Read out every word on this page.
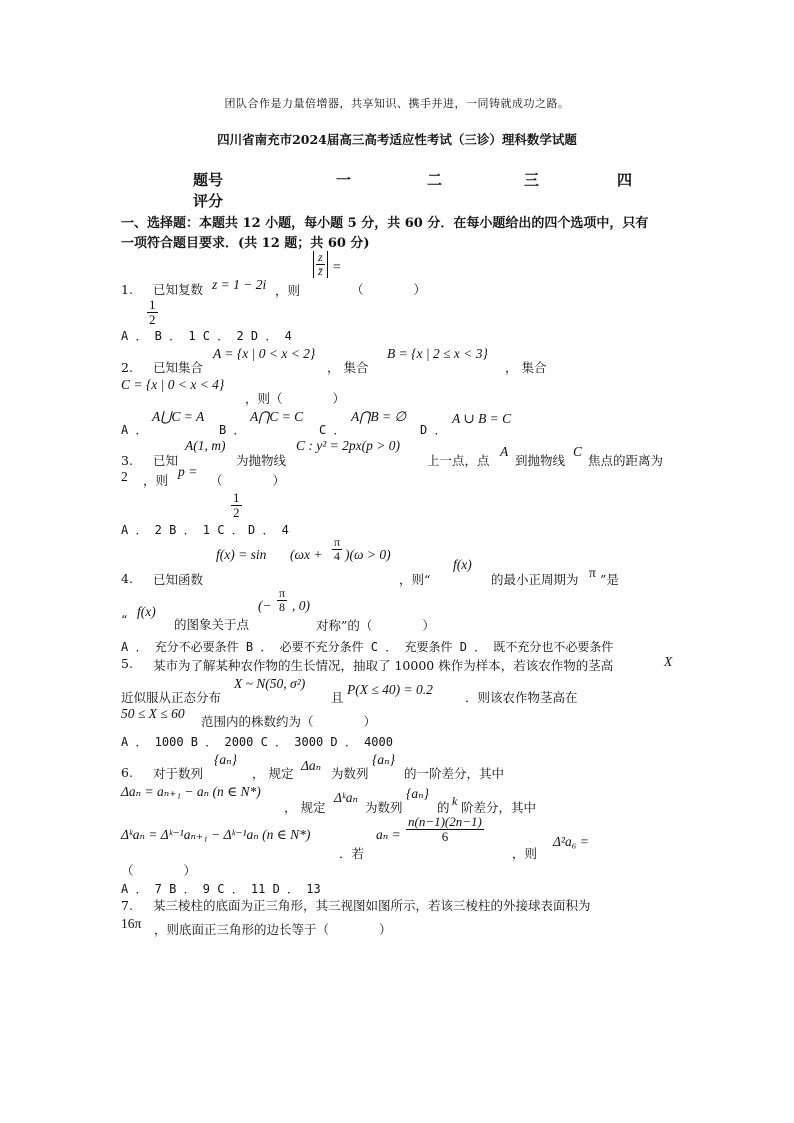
团队合作是力量倍增器，共享知识、携手并进，一同铸就成功之路。
四川省南充市2024届高三高考适应性考试（三诊）理科数学试题
题号	一	二	三	四
评分
一、选择题：本题共 12 小题，每小题 5 分，共 60 分．在每小题给出的四个选项中，只有
一项符合题目要求．(共 12 题；共 60 分)
1. 已知复数 z = 1 − 2i ，则
$\frac{z}{z̄}$ =
（　　　　）
$\frac{1}{2}$
A ． B ． 1 C ． 2 D ． 4
2. 已知集合
A = {x | 0 < x < 2}
， 集合
B = {x | 2 ≤ x < 3}
， 集合
C = {x | 0 < x < 4}
，则（　　　　）
A ．
A⋃C = A
B ．
A⋂C = C
C ．
A⋂B = ∅
D ．
A ∪ B = C
3. 已知
A(1, m)
为抛物线
C : y² = 2px(p > 0)
上一点，点
A
到抛物线
C
焦点的距离为
2 ，则
p =
（　　　　）
A ． 2 B ． 1 C ．
$\frac{1}{2}$
D ． 4
4. 已知函数
$f(x) = \sin (\omega x + \frac{\pi}{4} )(\omega > 0)$
，则“
f(x)
的最小正周期为 π ”是
“
f(x)
的图象关于点
(− $\frac{\pi}{8}$ , 0)
对称”的（　　　　）
A ． 充分不必要条件 B ． 必要不充分条件 C ． 充要条件 D ． 既不充分也不必要条件
5. 某市为了解某种农作物的生长情况，抽取了 10000 株作为样本，若该农作物的茎高	X
近似服从正态分布
X ~ N(50, σ²)
且
P(X ≤ 40) = 0.2
．则该农作物茎高在
50 ≤ X ≤ 60
范围内的株数约为（　　　　）
A ． 1000 B ． 2000 C ． 3000 D ． 4000
6. 对于数列
{aₙ}
， 规定
Δaₙ
为数列
{aₙ}
的一阶差分，其中
Δaₙ = aₙ₊₁ − aₙ (n ∈ N*)
， 规定
Δᵏaₙ
为数列
{aₙ}
的 k 阶差分，其中
Δᵏaₙ = Δᵏ⁻¹aₙ₊₁ − Δᵏ⁻¹aₙ (n ∈ N*)
．若
$a_n = \frac{n(n-1)(2n-1)}{6}$
，则
Δ²a₆ =
（　　　　）
A ． 7 B ． 9 C ． 11 D ． 13
7. 某三棱柱的底面为正三角形，其三视图如图所示，若该三棱柱的外接球表面积为
16π ，则底面正三角形的边长等于（　　　　）
